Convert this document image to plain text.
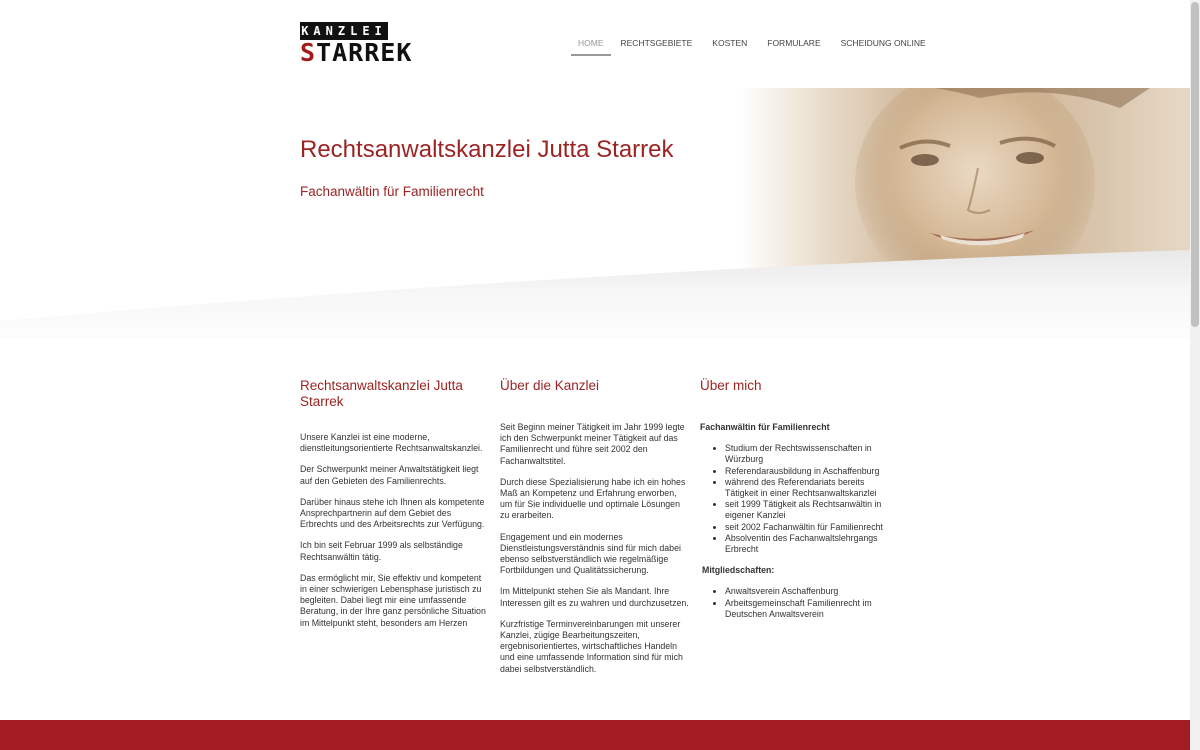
KANZLEI
STARREK	HOME	RECHTSGEBIETE	KOSTEN	FORMULARE	SCHEIDUNG ONLINE
Rechtsanwaltskanzlei Jutta Starrek
Fachanwältin für Familienrecht
Rechtsanwaltskanzlei Jutta Starrek

Unsere Kanzlei ist eine moderne, dienstleitungsorientierte Rechtsanwaltskanzlei.

Der Schwerpunkt meiner Anwaltstätigkeit liegt auf den Gebieten des Familienrechts.

Darüber hinaus stehe ich Ihnen als kompetente Ansprechpartnerin auf dem Gebiet des Erbrechts und des Arbeitsrechts zur Verfügung.

Ich bin seit Februar 1999 als selbständige Rechtsanwältin tätig.

Das ermöglicht mir, Sie effektiv und kompetent in einer schwierigen Lebensphase juristisch zu begleiten. Dabei liegt mir eine umfassende Beratung, in der Ihre ganz persönliche Situation im Mittelpunkt steht, besonders am Herzen

Über die Kanzlei

Seit Beginn meiner Tätigkeit im Jahr 1999 legte ich den Schwerpunkt meiner Tätigkeit auf das Familienrecht und führe seit 2002 den Fachanwaltstitel.

Durch diese Spezialisierung habe ich ein hohes Maß an Kompetenz und Erfahrung erworben, um für Sie individuelle und optimale Lösungen zu erarbeiten.

Engagement und ein modernes Dienstleistungsverständnis sind für mich dabei ebenso selbstverständlich wie regelmäßige Fortbildungen und Qualitätssicherung.

Im Mittelpunkt stehen Sie als Mandant. Ihre Interessen gilt es zu wahren und durchzusetzen.

Kurzfristige Terminvereinbarungen mit unserer Kanzlei, zügige Bearbeitungszeiten, ergebnisorientiertes, wirtschaftliches Handeln und eine umfassende Information sind für mich dabei selbstverständlich.

Über mich
Fachanwältin für Familienrecht
• Studium der Rechtswissenschaften in Würzburg
• Referendarausbildung in Aschaffenburg
• während des Referendariats bereits Tätigkeit in einer Rechtsanwaltskanzlei
• seit 1999 Tätigkeit als Rechtsanwältin in eigener Kanzlei
• seit 2002 Fachanwältin für Familienrecht
• Absolventin des Fachanwaltslehrgangs Erbrecht
Mitgliedschaften:
• Anwaltsverein Aschaffenburg
• Arbeitsgemeinschaft Familienrecht im Deutschen Anwaltsverein
